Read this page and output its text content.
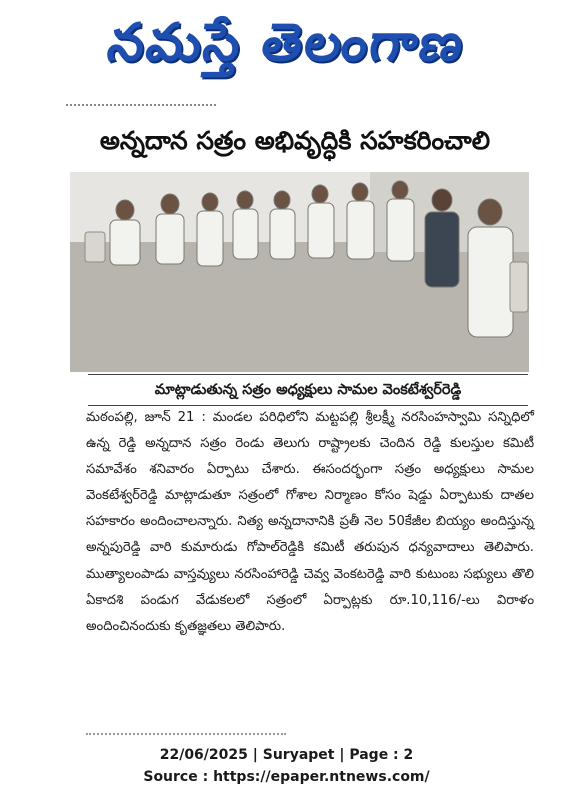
నమస్తే తెలంగాణ
అన్నదాన సత్రం అభివృద్ధికి సహకరించాలి
మాట్లాడుతున్న సత్రం అధ్యక్షులు సామల వెంకటేశ్వర్‌రెడ్డి

మఠంపల్లి, జూన్ 21 : మండల పరిధిలోని మట్టపల్లి శ్రీలక్ష్మీ నరసింహస్వామి సన్నిధిలో ఉన్న రెడ్డి అన్నదాన సత్రం రెండు తెలుగు రాష్ట్రాలకు చెందిన రెడ్డి కులస్తుల కమిటీ సమావేశం శనివారం ఏర్పాటు చేశారు. ఈసందర్భంగా సత్రం అధ్యక్షులు సామల వెంకటేశ్వర్‌రెడ్డి మాట్లాడుతూ సత్రంలో గోశాల నిర్మాణం కోసం షెడ్డు ఏర్పాటుకు దాతల సహకారం అందించాలన్నారు. నిత్య అన్నదానానికి ప్రతీ నెల 50కేజీల బియ్యం అందిస్తున్న అన్నపురెడ్డి వారి కుమారుడు గోపాల్‌రెడ్డికి కమిటీ తరుపున ధన్యవాదాలు తెలిపారు. ముత్యాలంపాడు వాస్తవ్యులు నరసింహారెడ్డి చెవ్వ వెంకటరెడ్డి వారి కుటుంబ సభ్యులు తొలి ఏకాదశి పండుగ వేడుకలలో సత్రంలో ఏర్పాట్లకు రూ.10,116/-లు విరాళం అందించినందుకు కృతజ్ఞతలు తెలిపారు.

22/06/2025 | Suryapet | Page : 2
Source : https://epaper.ntnews.com/
